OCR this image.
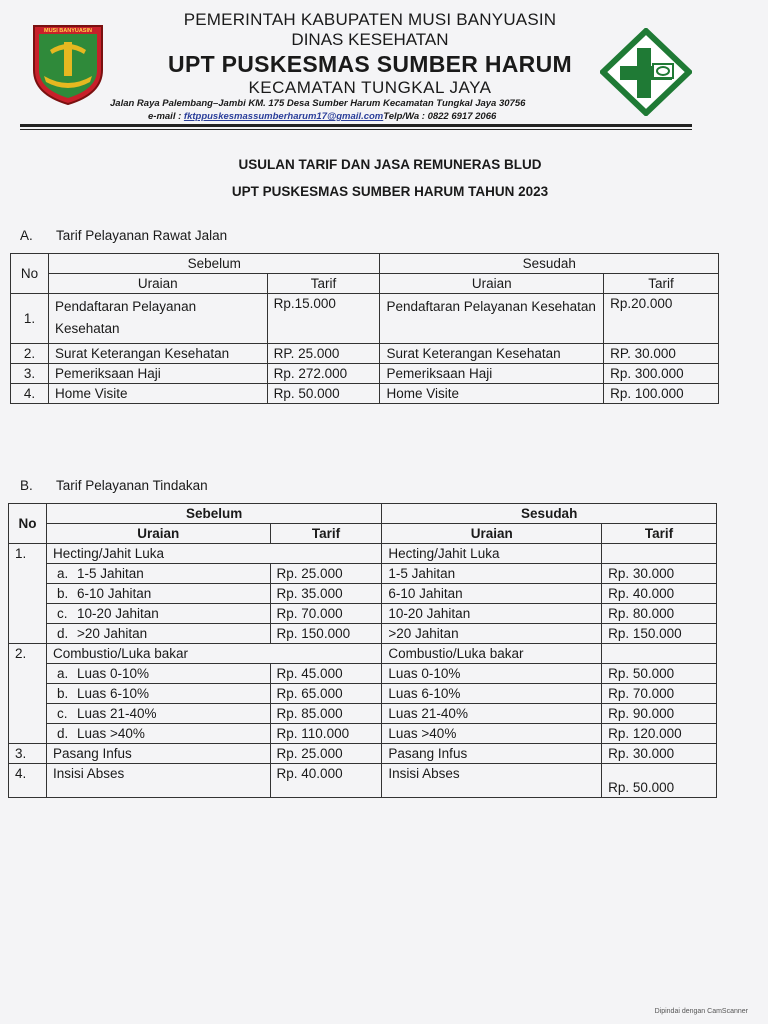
MUSI BANYUASIN
PEMERINTAH KABUPATEN MUSI BANYUASIN
DINAS KESEHATAN
UPT PUSKESMAS SUMBER HARUM
KECAMATAN TUNGKAL JAYA
Jalan Raya Palembang–Jambi KM. 175 Desa Sumber Harum Kecamatan Tungkal Jaya 30756
e-mail : fktppuskesmassumberharum17@gmail.comTelp/Wa : 0822 6917 2066
USULAN TARIF DAN JASA REMUNERAS BLUD
UPT PUSKESMAS SUMBER HARUM TAHUN 2023
A. Tarif Pelayanan Rawat Jalan
No	Sebelum		Sesudah	
	Uraian	Tarif	Uraian	Tarif
1.	Pendaftaran Pelayanan Kesehatan	Rp.15.000	Pendaftaran Pelayanan Kesehatan	Rp.20.000
2.	Surat Keterangan Kesehatan	RP. 25.000	Surat Keterangan Kesehatan	RP. 30.000
3.	Pemeriksaan Haji	Rp. 272.000	Pemeriksaan Haji	Rp. 300.000
4.	Home Visite	Rp. 50.000	Home Visite	Rp. 100.000
B. Tarif Pelayanan Tindakan
No	Sebelum		Sesudah	
	Uraian	Tarif	Uraian	Tarif
1.	Hecting/Jahit Luka		Hecting/Jahit Luka	
	a. 1-5 Jahitan	Rp. 25.000	1-5 Jahitan	Rp. 30.000
	b. 6-10 Jahitan	Rp. 35.000	6-10 Jahitan	Rp. 40.000
	c. 10-20 Jahitan	Rp. 70.000	10-20 Jahitan	Rp. 80.000
	d. >20 Jahitan	Rp. 150.000	>20 Jahitan	Rp. 150.000
2.	Combustio/Luka bakar		Combustio/Luka bakar	
	a. Luas 0-10%	Rp. 45.000	Luas 0-10%	Rp. 50.000
	b. Luas 6-10%	Rp. 65.000	Luas 6-10%	Rp. 70.000
	c. Luas 21-40%	Rp. 85.000	Luas 21-40%	Rp. 90.000
	d. Luas >40%	Rp. 110.000	Luas >40%	Rp. 120.000
3.	Pasang Infus	Rp. 25.000	Pasang Infus	Rp. 30.000
4.	Insisi Abses	Rp. 40.000	Insisi Abses	Rp. 50.000
Dipindai dengan CamScanner
